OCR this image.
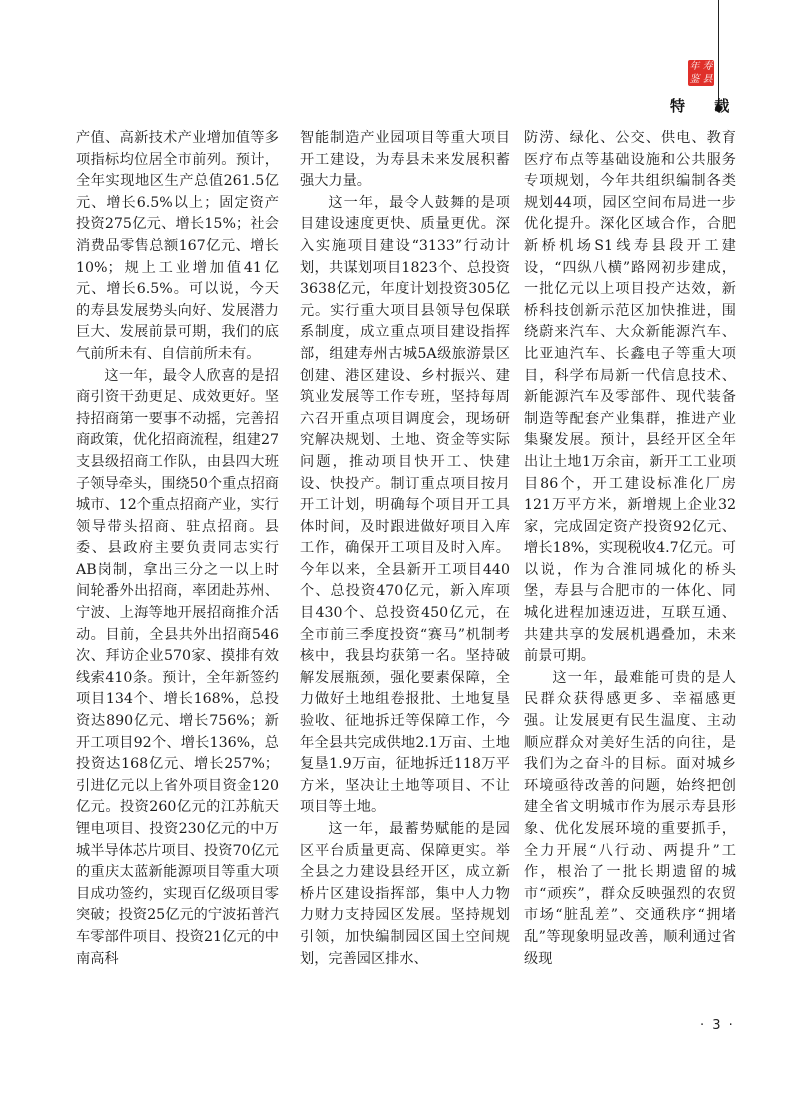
寿
年
县
鉴
特 载

产值、高新技术产业增加值等多项指标均位居全市前列。预计，全年实现地区生产总值261.5亿元、增长6.5%以上；固定资产投资275亿元、增长15%；社会消费品零售总额167亿元、增长10%；规上工业增加值41亿元、增长6.5%。可以说，今天的寿县发展势头向好、发展潜力巨大、发展前景可期，我们的底气前所未有、自信前所未有。

这一年，最令人欣喜的是招商引资干劲更足、成效更好。坚持招商第一要事不动摇，完善招商政策，优化招商流程，组建27支县级招商工作队，由县四大班子领导牵头，围绕50个重点招商城市、12个重点招商产业，实行领导带头招商、驻点招商。县委、县政府主要负责同志实行AB岗制，拿出三分之一以上时间轮番外出招商，率团赴苏州、宁波、上海等地开展招商推介活动。目前，全县共外出招商546次、拜访企业570家、摸排有效线索410条。预计，全年新签约项目134个、增长168%，总投资达890亿元、增长756%；新开工项目92个、增长136%，总投资达168亿元、增长257%；引进亿元以上省外项目资金120亿元。投资260亿元的江苏航天锂电项目、投资230亿元的中万城半导体芯片项目、投资70亿元的重庆太蓝新能源项目等重大项目成功签约，实现百亿级项目零突破；投资25亿元的宁波拓普汽车零部件项目、投资21亿元的中南高科

智能制造产业园项目等重大项目开工建设，为寿县未来发展积蓄强大力量。

这一年，最令人鼓舞的是项目建设速度更快、质量更优。深入实施项目建设“3133”行动计划，共谋划项目1823个、总投资3638亿元，年度计划投资305亿元。实行重大项目县领导包保联系制度，成立重点项目建设指挥部，组建寿州古城5A级旅游景区创建、港区建设、乡村振兴、建筑业发展等工作专班，坚持每周六召开重点项目调度会，现场研究解决规划、土地、资金等实际问题，推动项目快开工、快建设、快投产。制订重点项目按月开工计划，明确每个项目开工具体时间，及时跟进做好项目入库工作，确保开工项目及时入库。今年以来，全县新开工项目440个、总投资470亿元，新入库项目430个、总投资450亿元，在全市前三季度投资“赛马”机制考核中，我县均获第一名。坚持破解发展瓶颈，强化要素保障，全力做好土地组卷报批、土地复垦验收、征地拆迁等保障工作，今年全县共完成供地2.1万亩、土地复垦1.9万亩，征地拆迁118万平方米，坚决让土地等项目、不让项目等土地。

这一年，最蓄势赋能的是园区平台质量更高、保障更实。举全县之力建设县经开区，成立新桥片区建设指挥部，集中人力物力财力支持园区发展。坚持规划引领，加快编制园区国土空间规划，完善园区排水、

防涝、绿化、公交、供电、教育医疗布点等基础设施和公共服务专项规划，今年共组织编制各类规划44项，园区空间布局进一步优化提升。深化区域合作，合肥新桥机场S1线寿县段开工建设，“四纵八横”路网初步建成，一批亿元以上项目投产达效，新桥科技创新示范区加快推进，围绕蔚来汽车、大众新能源汽车、比亚迪汽车、长鑫电子等重大项目，科学布局新一代信息技术、新能源汽车及零部件、现代装备制造等配套产业集群，推进产业集聚发展。预计，县经开区全年出让土地1万余亩，新开工工业项目86个，开工建设标准化厂房121万平方米，新增规上企业32家，完成固定资产投资92亿元、增长18%，实现税收4.7亿元。可以说，作为合淮同城化的桥头堡，寿县与合肥市的一体化、同城化进程加速迈进，互联互通、共建共享的发展机遇叠加，未来前景可期。

这一年，最难能可贵的是人民群众获得感更多、幸福感更强。让发展更有民生温度、主动顺应群众对美好生活的向往，是我们为之奋斗的目标。面对城乡环境亟待改善的问题，始终把创建全省文明城市作为展示寿县形象、优化发展环境的重要抓手，全力开展“八行动、两提升”工作，根治了一批长期遗留的城市“顽疾”，群众反映强烈的农贸市场“脏乱差”、交通秩序“拥堵乱”等现象明显改善，顺利通过省级现

· 3 ·
